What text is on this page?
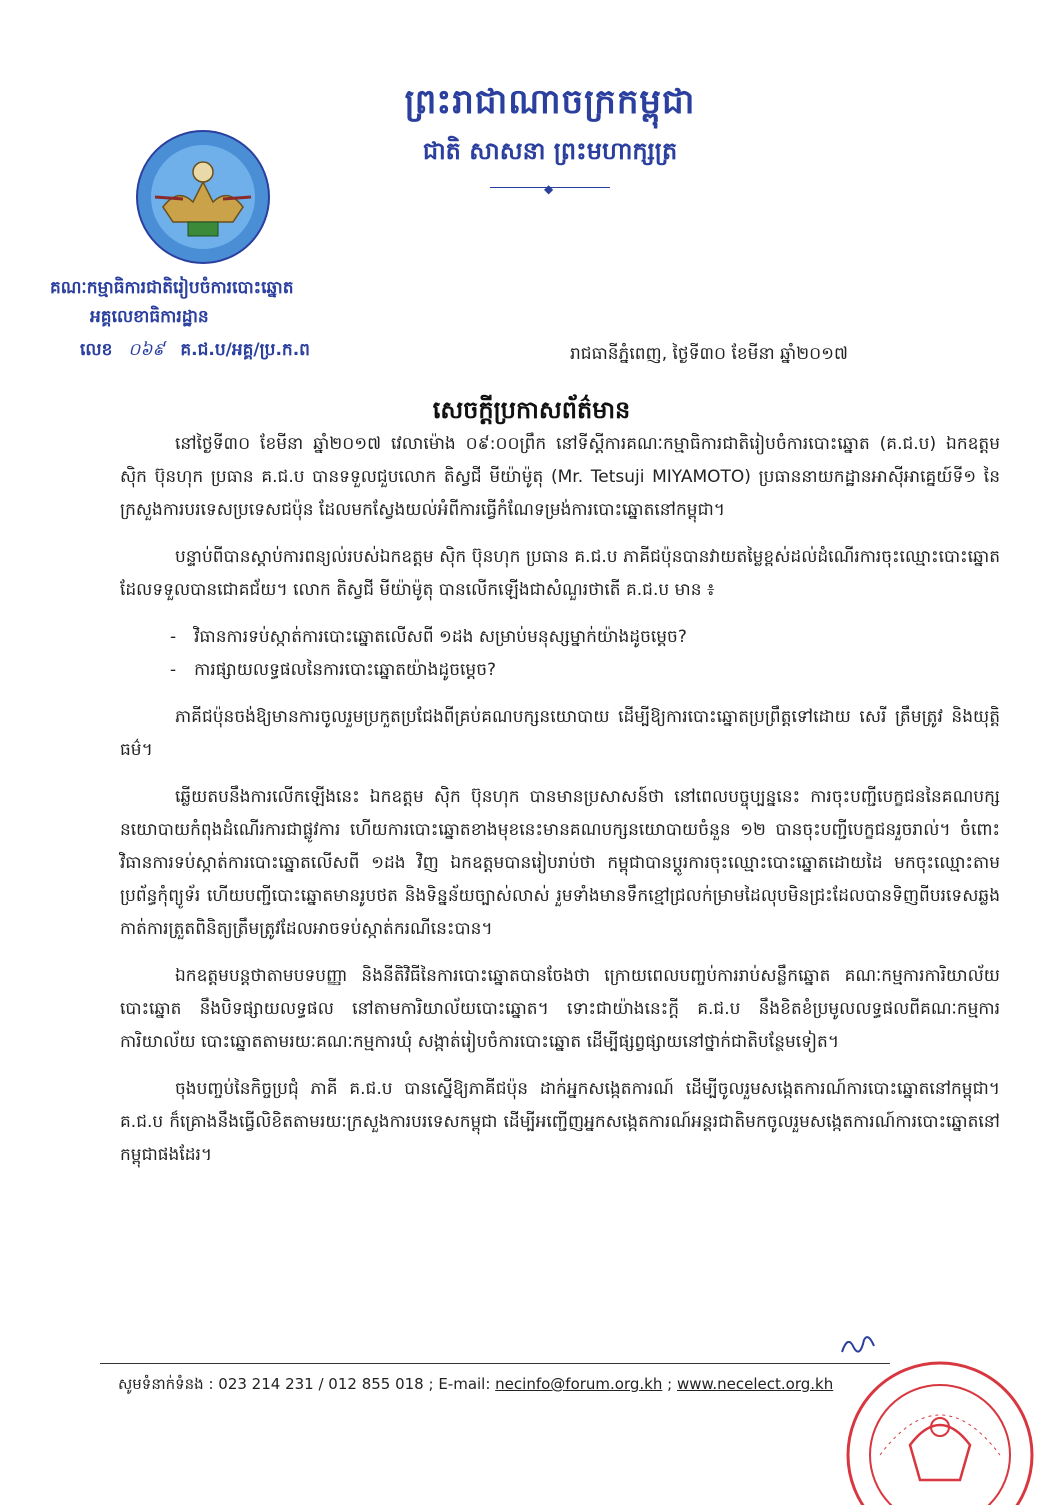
ព្រះរាជាណាចក្រកម្ពុជា
ជាតិ សាសនា ព្រះមហាក្សត្រ
◆
គណៈកម្មាធិការជាតិរៀបចំការបោះឆ្នោត
អគ្គលេខាធិការដ្ឋាន
លេខ ០៦៩ គ.ជ.ប/អគ្គ/ប្រ.ក.ព	រាជធានីភ្នំពេញ, ថ្ងៃទី៣០ ខែមីនា ឆ្នាំ២០១៧
សេចក្តីប្រកាសព័ត៌មាន

នៅថ្ងៃទី៣០ ខែមីនា ឆ្នាំ២០១៧ វេលាម៉ោង ០៩:០០ព្រឹក នៅទីស្តីការគណៈកម្មាធិការជាតិរៀបចំការបោះឆ្នោត (គ.ជ.ប) ឯកឧត្តម ស៊ិក ប៊ុនហុក ប្រធាន គ.ជ.ប បានទទួលជួបលោក តិស្វជី មីយ៉ាម៉ូតុ (Mr. Tetsuji MIYAMOTO) ប្រធាននាយកដ្ឋានអាស៊ីអាគ្នេយ៍ទី១ នៃក្រសួងការបរទេសប្រទេសជប៉ុន ដែលមកស្វែងយល់អំពីការធ្វើកំណែទម្រង់ការបោះឆ្នោតនៅកម្ពុជា។

បន្ទាប់ពីបានស្តាប់ការពន្យល់របស់ឯកឧត្តម ស៊ិក ប៊ុនហុក ប្រធាន គ.ជ.ប ភាគីជប៉ុនបានវាយតម្លៃខ្ពស់ដល់ដំណើរការចុះឈ្មោះបោះឆ្នោតដែលទទួលបានជោគជ័យ។ លោក តិស្វជី មីយ៉ាម៉ូតុ បានលើកឡើងជាសំណួរថាតើ គ.ជ.ប មាន ៖

- វិធានការទប់ស្កាត់ការបោះឆ្នោតលើសពី ១ដង សម្រាប់មនុស្សម្នាក់យ៉ាងដូចម្តេច?
- ការផ្សាយលទ្ធផលនៃការបោះឆ្នោតយ៉ាងដូចម្តេច?

ភាគីជប៉ុនចង់ឱ្យមានការចូលរួមប្រកួតប្រជែងពីគ្រប់គណបក្សនយោបាយ ដើម្បីឱ្យការបោះឆ្នោតប្រព្រឹត្តទៅដោយ សេរី ត្រឹមត្រូវ និងយុត្តិធម៌។

ឆ្លើយតបនឹងការលើកឡើងនេះ ឯកឧត្តម ស៊ិក ប៊ុនហុក បានមានប្រសាសន៍ថា នៅពេលបច្ចុប្បន្ននេះ ការចុះបញ្ជីបេក្ខជននៃគណបក្សនយោបាយកំពុងដំណើរការជាផ្លូវការ ហើយការបោះឆ្នោតខាងមុខនេះមានគណបក្សនយោបាយចំនួន ១២ បានចុះបញ្ជីបេក្ខជនរួចរាល់។ ចំពោះ វិធានការទប់ស្កាត់ការបោះឆ្នោតលើសពី ១ដង វិញ ឯកឧត្តមបានរៀបរាប់ថា កម្ពុជាបានប្តូរការចុះឈ្មោះបោះឆ្នោតដោយដៃ មកចុះឈ្មោះតាមប្រព័ន្ធកុំព្យូទ័រ ហើយបញ្ជីបោះឆ្នោតមានរូបថត និងទិន្នន័យច្បាស់លាស់ រួមទាំងមានទឹកខ្មៅជ្រលក់ម្រាមដៃលុបមិនជ្រះដែលបានទិញពីបរទេសឆ្លងកាត់ការត្រួតពិនិត្យត្រឹមត្រូវដែលអាចទប់ស្កាត់ករណីនេះបាន។

ឯកឧត្តមបន្តថាតាមបទបញ្ញា និងនីតិវិធីនៃការបោះឆ្នោតបានចែងថា ក្រោយពេលបញ្ចប់ការរាប់សន្លឹកឆ្នោត គណៈកម្មការការិយាល័យបោះឆ្នោត នឹងបិទផ្សាយលទ្ធផល នៅតាមការិយាល័យបោះឆ្នោត។ ទោះជាយ៉ាងនេះក្តី គ.ជ.ប នឹងខិតខំប្រមូលលទ្ធផលពីគណៈកម្មការការិយាល័យ បោះឆ្នោតតាមរយៈគណៈកម្មការឃុំ សង្កាត់រៀបចំការបោះឆ្នោត ដើម្បីផ្សព្វផ្សាយនៅថ្នាក់ជាតិបន្ថែមទៀត។

ចុងបញ្ចប់នៃកិច្ចប្រជុំ ភាគី គ.ជ.ប បានស្នើឱ្យភាគីជប៉ុន ដាក់អ្នកសង្កេតការណ៍ ដើម្បីចូលរួមសង្កេតការណ៍ការបោះឆ្នោតនៅកម្ពុជា។ គ.ជ.ប ក៏គ្រោងនឹងធ្វើលិខិតតាមរយៈក្រសួងការបរទេសកម្ពុជា ដើម្បីអញ្ជើញអ្នកសង្កេតការណ៍អន្តរជាតិមកចូលរួមសង្កេតការណ៍ការបោះឆ្នោតនៅកម្ពុជាផងដែរ។

សូមទំនាក់ទំនង : 023 214 231 / 012 855 018 ; E-mail: necinfo@forum.org.kh ; www.necelect.org.kh
